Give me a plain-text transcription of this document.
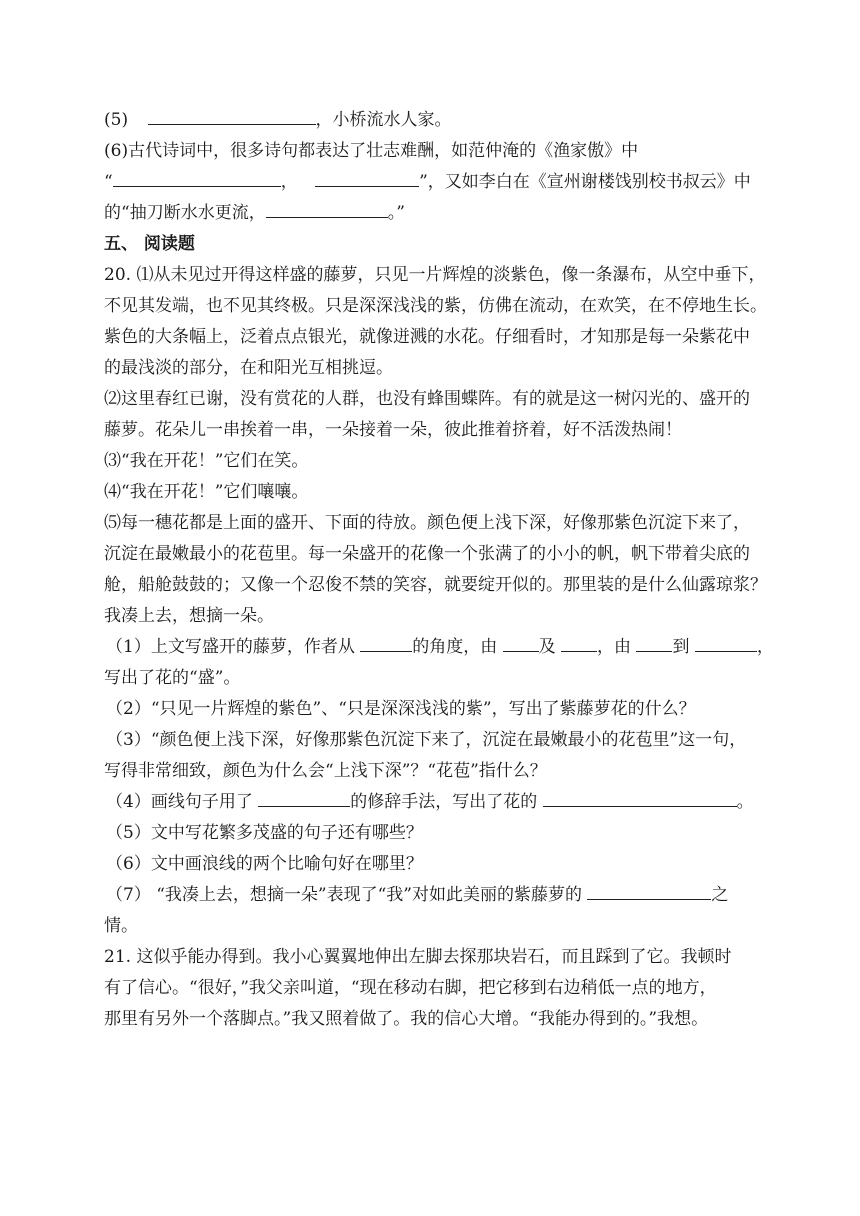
(5)	，小桥流水人家。
(6)古代诗词中，很多诗句都表达了壮志难酬，如范仲淹的《渔家傲》中
“	，	”，又如李白在《宣州谢楼饯别校书叔云》中
的“抽刀断水水更流，	。”
五、 阅读题
20. ⑴从未见过开得这样盛的藤萝，只见一片辉煌的淡紫色，像一条瀑布，从空中垂下，
不见其发端，也不见其终极。只是深深浅浅的紫，仿佛在流动，在欢笑，在不停地生长。
紫色的大条幅上，泛着点点银光，就像迸溅的水花。仔细看时，才知那是每一朵紫花中
的最浅淡的部分，在和阳光互相挑逗。
⑵这里春红已谢，没有赏花的人群，也没有蜂围蝶阵。有的就是这一树闪光的、盛开的
藤萝。花朵儿一串挨着一串，一朵接着一朵，彼此推着挤着，好不活泼热闹！
⑶“我在开花！”它们在笑。
⑷“我在开花！”它们嚷嚷。
⑸每一穗花都是上面的盛开、下面的待放。颜色便上浅下深，好像那紫色沉淀下来了，
沉淀在最嫩最小的花苞里。每一朵盛开的花像一个张满了的小小的帆，帆下带着尖底的
舱，船舱鼓鼓的；又像一个忍俊不禁的笑容，就要绽开似的。那里装的是什么仙露琼浆？
我凑上去，想摘一朵。
（1）上文写盛开的藤萝，作者从	的角度，由 及 ，由 到	，
写出了花的“盛”。
（2）“只见一片辉煌的紫色”、“只是深深浅浅的紫”，写出了紫藤萝花的什么？
（3）“颜色便上浅下深，好像那紫色沉淀下来了，沉淀在最嫩最小的花苞里”这一句，
写得非常细致，颜色为什么会“上浅下深”？“花苞”指什么？
（4）画线句子用了	的修辞手法，写出了花的	。
（5）文中写花繁多茂盛的句子还有哪些？
（6）文中画浪线的两个比喻句好在哪里？
（7） “我凑上去，想摘一朵”表现了“我”对如此美丽的紫藤萝的	之
情。
21. 这似乎能办得到。我小心翼翼地伸出左脚去探那块岩石，而且踩到了它。我顿时
有了信心。“很好，”我父亲叫道，“现在移动右脚，把它移到右边稍低一点的地方，
那里有另外一个落脚点。”我又照着做了。我的信心大增。“我能办得到的。”我想。
